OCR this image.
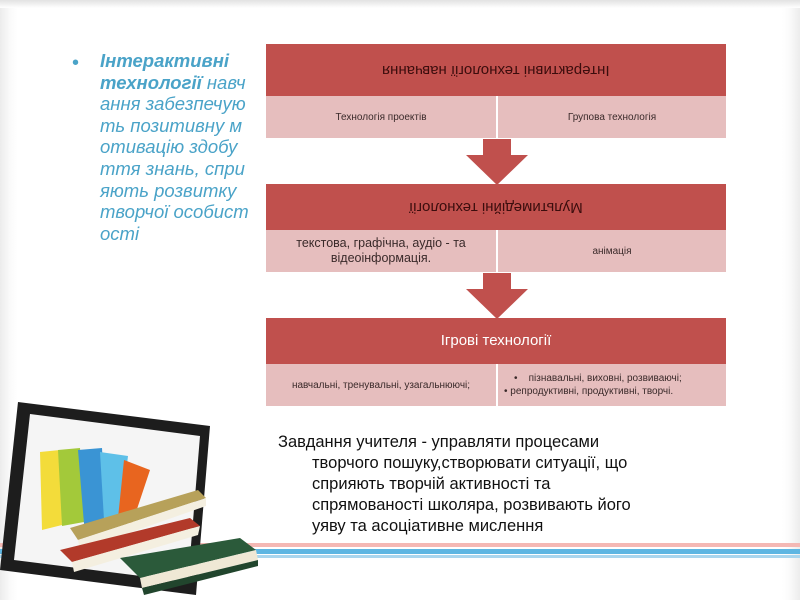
• Інтерактивні технології навчання забезпечують позитивну мотивацію здобуття знань, сприяють розвитку творчої особистості
Інтерактивні технології навчання
Технологія проектів	Групова технологія
Мультимедійні технології
текстова, графічна, аудіо - та відеоінформація.	анімація
Ігрові технології
навчальні, тренувальні, узагальнюючі;
•    пізнавальні, виховні, розвиваючі;
• репродуктивні, продуктивні, творчі.
Завдання учителя - управляти процесами
творчого пошуку,створювати ситуації, що
сприяють творчій активності та
спрямованості школяра, розвивають його
уяву та асоціативне мислення
